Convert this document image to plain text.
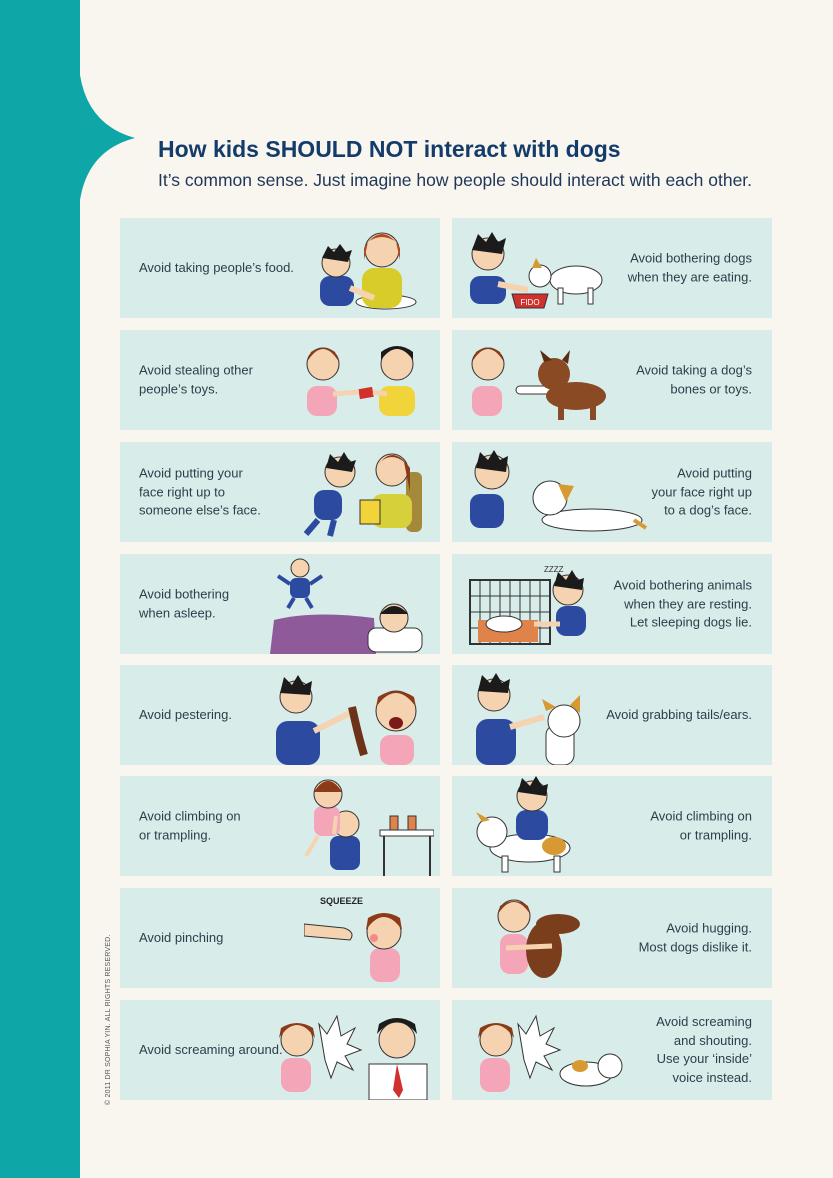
© 2011 DR SOPHIA YIN. ALL RIGHTS RESERVED.
How kids SHOULD NOT interact with dogs

It’s common sense. Just imagine how people should interact with each other.

Avoid taking people’s food.
Avoid bothering dogs
when they are eating.
FIDO
Avoid stealing other
people’s toys.
Avoid taking a dog’s
bones or toys.
Avoid putting your
face right up to
someone else’s face.
Avoid putting
your face right up
to a dog’s face.
Avoid bothering
when asleep.
Avoid bothering animals
when they are resting.
Let sleeping dogs lie.
ZZZZ
Avoid pestering.	Avoid grabbing tails/ears.
Avoid climbing on
or trampling.
Avoid climbing on
or trampling.
Avoid pinching
SQUEEZE
Avoid hugging.
Most dogs dislike it.
Avoid screaming around.
Avoid screaming
and shouting.
Use your ‘inside’
voice instead.
